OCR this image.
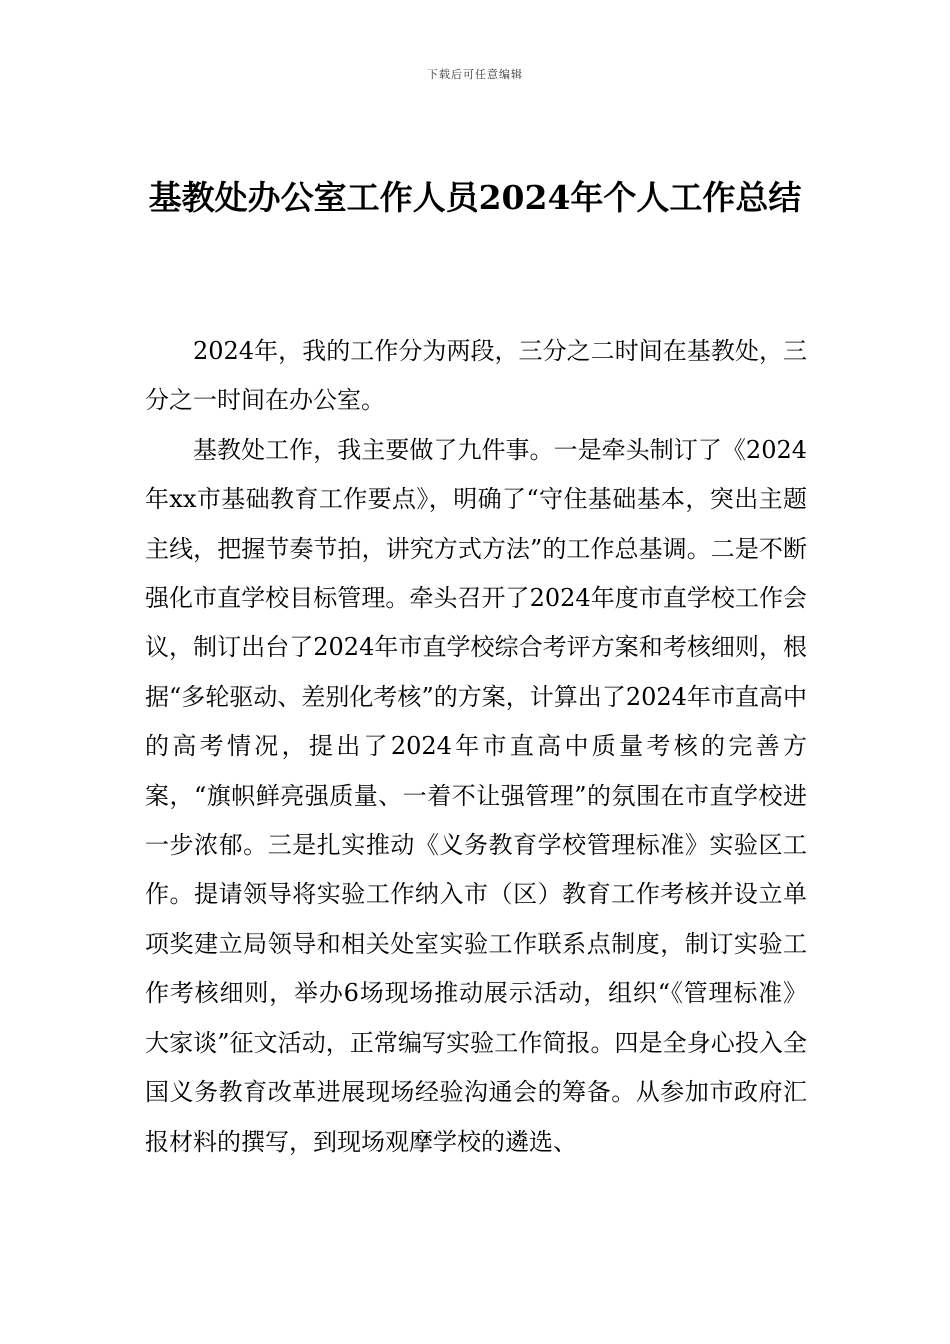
下载后可任意编辑
基教处办公室工作人员2024年个人工作总结

2024年，我的工作分为两段，三分之二时间在基教处，三分之一时间在办公室。

基教处工作，我主要做了九件事。一是牵头制订了《2024年xx市基础教育工作要点》，明确了“守住基础基本，突出主题主线，把握节奏节拍，讲究方式方法”的工作总基调。二是不断强化市直学校目标管理。牵头召开了2024年度市直学校工作会议，制订出台了2024年市直学校综合考评方案和考核细则，根据“多轮驱动、差别化考核”的方案，计算出了2024年市直高中的高考情况，提出了2024年市直高中质量考核的完善方案，“旗帜鲜亮强质量、一着不让强管理”的氛围在市直学校进一步浓郁。三是扎实推动《义务教育学校管理标准》实验区工作。提请领导将实验工作纳入市（区）教育工作考核并设立单项奖建立局领导和相关处室实验工作联系点制度，制订实验工作考核细则，举办6场现场推动展示活动，组织“《管理标准》大家谈”征文活动，正常编写实验工作简报。四是全身心投入全国义务教育改革进展现场经验沟通会的筹备。从参加市政府汇报材料的撰写，到现场观摩学校的遴选、
